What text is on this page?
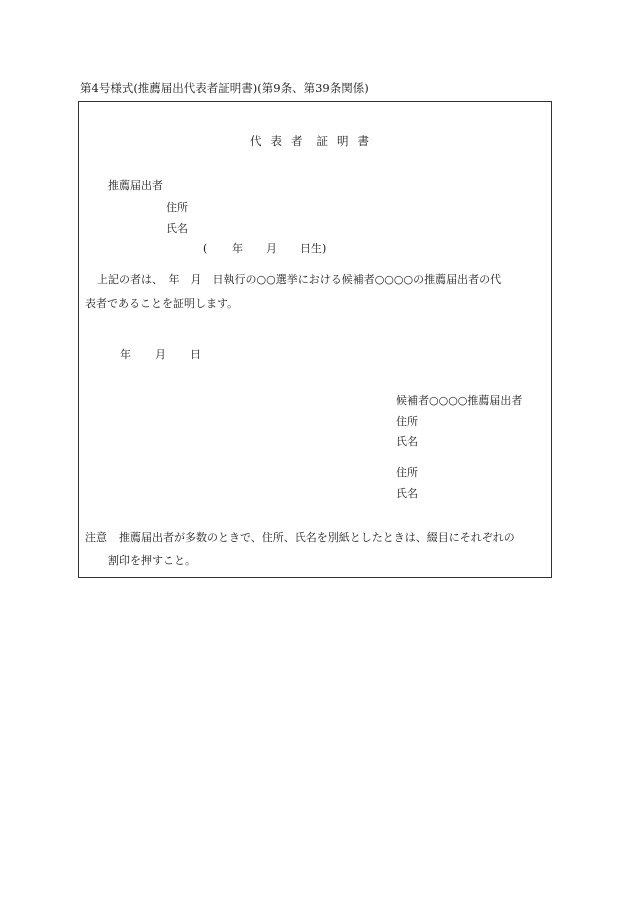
第4号様式(推薦届出代表者証明書)(第9条、第39条関係)
代 表 者 証 明 書
推薦届出者
住所
氏名
( 年 月 日生)
上記の者は、　年　月　日執行の○○選挙における候補者○○○○の推薦届出者の代
表者であることを証明します。
年 月 日
候補者○○○○推薦届出者
住所
氏名
住所
氏名
注意 推薦届出者が多数のときで、住所、氏名を別紙としたときは、綴目にそれぞれの
割印を押すこと。
